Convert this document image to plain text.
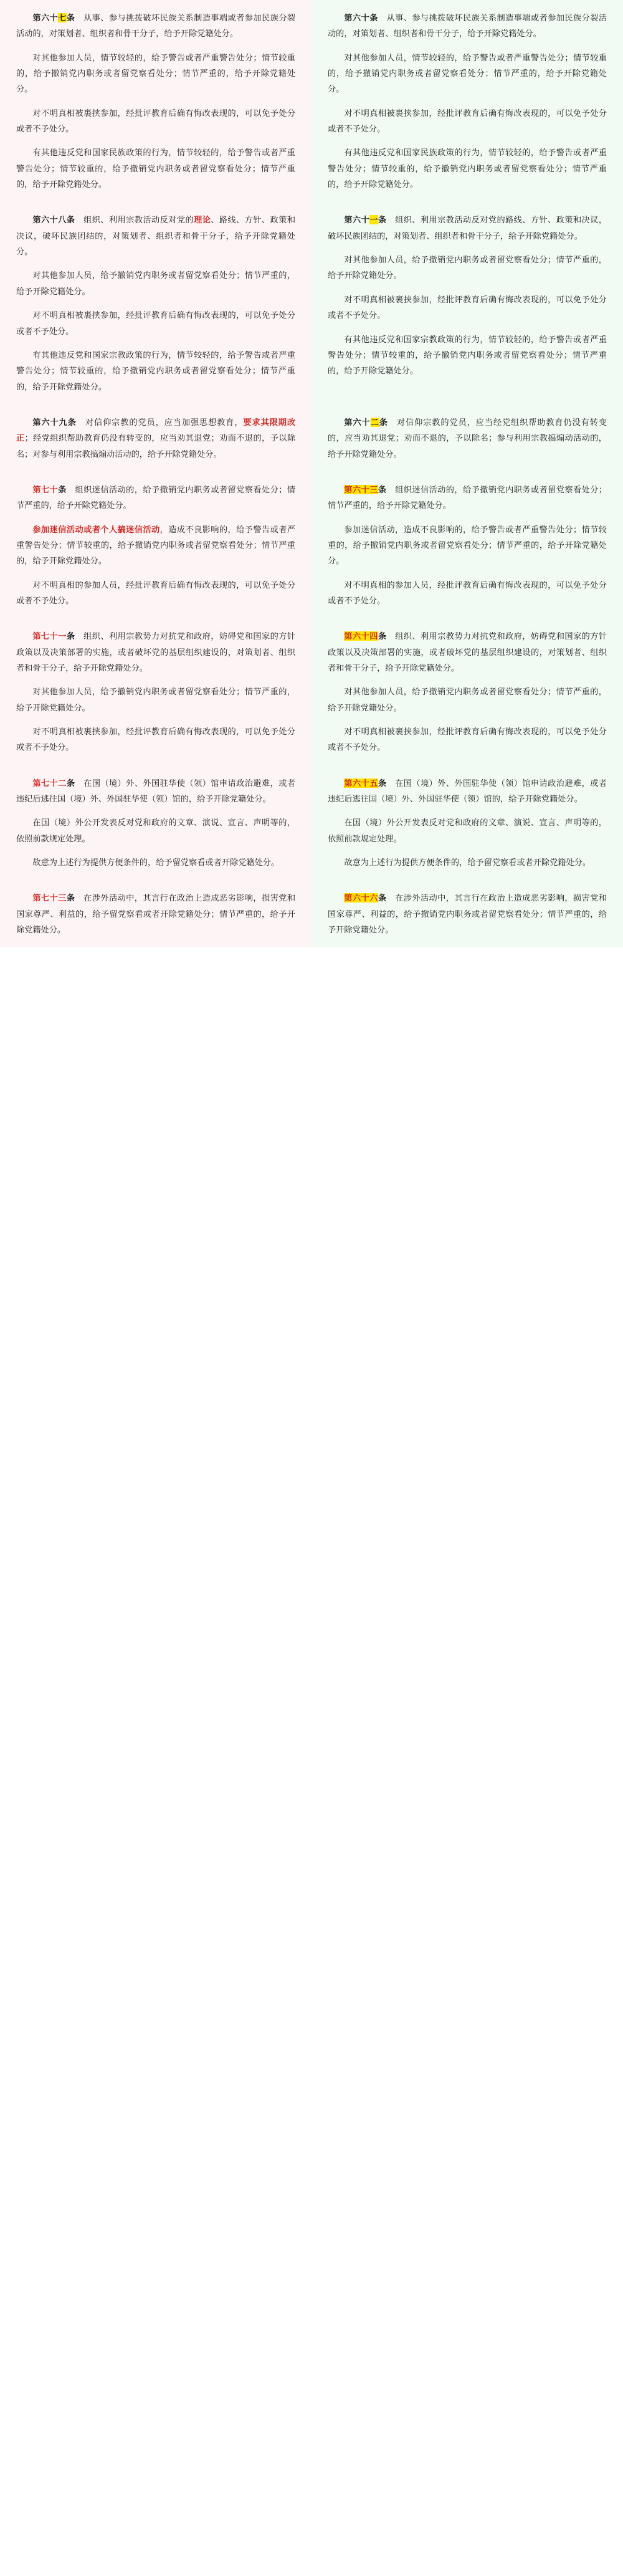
第六十七条　从事、参与挑拨破坏民族关系制造事端或者参加民族分裂活动的，对策划者、组织者和骨干分子，给予开除党籍处分。

对其他参加人员，情节较轻的，给予警告或者严重警告处分；情节较重的，给予撤销党内职务或者留党察看处分；情节严重的，给予开除党籍处分。

对不明真相被裹挟参加，经批评教育后确有悔改表现的，可以免予处分或者不予处分。

有其他违反党和国家民族政策的行为，情节较轻的，给予警告或者严重警告处分；情节较重的，给予撤销党内职务或者留党察看处分；情节严重的，给予开除党籍处分。

第六十条　从事、参与挑拨破坏民族关系制造事端或者参加民族分裂活动的，对策划者、组织者和骨干分子，给予开除党籍处分。

对其他参加人员，情节较轻的，给予警告或者严重警告处分；情节较重的，给予撤销党内职务或者留党察看处分；情节严重的，给予开除党籍处分。

对不明真相被裹挟参加，经批评教育后确有悔改表现的，可以免予处分或者不予处分。

有其他违反党和国家民族政策的行为，情节较轻的，给予警告或者严重警告处分；情节较重的，给予撤销党内职务或者留党察看处分；情节严重的，给予开除党籍处分。

第六十八条　组织、利用宗教活动反对党的理论、路线、方针、政策和决议，破坏民族团结的，对策划者、组织者和骨干分子，给予开除党籍处分。

对其他参加人员，给予撤销党内职务或者留党察看处分；情节严重的，给予开除党籍处分。

对不明真相被裹挟参加，经批评教育后确有悔改表现的，可以免予处分或者不予处分。

有其他违反党和国家宗教政策的行为，情节较轻的，给予警告或者严重警告处分；情节较重的，给予撤销党内职务或者留党察看处分；情节严重的，给予开除党籍处分。

第六十一条　组织、利用宗教活动反对党的路线、方针、政策和决议，破坏民族团结的，对策划者、组织者和骨干分子，给予开除党籍处分。

对其他参加人员，给予撤销党内职务或者留党察看处分；情节严重的，给予开除党籍处分。

对不明真相被裹挟参加，经批评教育后确有悔改表现的，可以免予处分或者不予处分。

有其他违反党和国家宗教政策的行为，情节较轻的，给予警告或者严重警告处分；情节较重的，给予撤销党内职务或者留党察看处分；情节严重的，给予开除党籍处分。

第六十九条　对信仰宗教的党员，应当加强思想教育，要求其限期改正；经党组织帮助教育仍没有转变的，应当劝其退党；劝而不退的，予以除名；对参与利用宗教搞煽动活动的，给予开除党籍处分。

第六十二条　对信仰宗教的党员，应当经党组织帮助教育仍没有转变的，应当劝其退党；劝而不退的，予以除名；参与利用宗教搞煽动活动的，给予开除党籍处分。

第七十条　组织迷信活动的，给予撤销党内职务或者留党察看处分；情节严重的，给予开除党籍处分。

参加迷信活动或者个人搞迷信活动，造成不良影响的，给予警告或者严重警告处分；情节较重的，给予撤销党内职务或者留党察看处分；情节严重的，给予开除党籍处分。

对不明真相的参加人员，经批评教育后确有悔改表现的，可以免予处分或者不予处分。

第六十三条　组织迷信活动的，给予撤销党内职务或者留党察看处分；情节严重的，给予开除党籍处分。

参加迷信活动，造成不良影响的，给予警告或者严重警告处分；情节较重的，给予撤销党内职务或者留党察看处分；情节严重的，给予开除党籍处分。

对不明真相的参加人员，经批评教育后确有悔改表现的，可以免予处分或者不予处分。

第七十一条　组织、利用宗教势力对抗党和政府，妨碍党和国家的方针政策以及决策部署的实施，或者破坏党的基层组织建设的，对策划者、组织者和骨干分子，给予开除党籍处分。

对其他参加人员，给予撤销党内职务或者留党察看处分；情节严重的，给予开除党籍处分。

对不明真相被裹挟参加，经批评教育后确有悔改表现的，可以免予处分或者不予处分。

第六十四条　组织、利用宗教势力对抗党和政府，妨碍党和国家的方针政策以及决策部署的实施，或者破坏党的基层组织建设的，对策划者、组织者和骨干分子，给予开除党籍处分。

对其他参加人员，给予撤销党内职务或者留党察看处分；情节严重的，给予开除党籍处分。

对不明真相被裹挟参加，经批评教育后确有悔改表现的，可以免予处分或者不予处分。

第七十二条　在国（境）外、外国驻华使（领）馆申请政治避难，或者违纪后逃往国（境）外、外国驻华使（领）馆的，给予开除党籍处分。

在国（境）外公开发表反对党和政府的文章、演说、宣言、声明等的，依照前款规定处理。

故意为上述行为提供方便条件的，给予留党察看或者开除党籍处分。

第六十五条　在国（境）外、外国驻华使（领）馆申请政治避难，或者违纪后逃往国（境）外、外国驻华使（领）馆的，给予开除党籍处分。

在国（境）外公开发表反对党和政府的文章、演说、宣言、声明等的，依照前款规定处理。

故意为上述行为提供方便条件的，给予留党察看或者开除党籍处分。

第七十三条　在涉外活动中，其言行在政治上造成恶劣影响，损害党和国家尊严、利益的，给予留党察看或者开除党籍处分；情节严重的，给予开除党籍处分。

第六十六条　在涉外活动中，其言行在政治上造成恶劣影响，损害党和国家尊严、利益的，给予撤销党内职务或者留党察看处分；情节严重的，给予开除党籍处分。
